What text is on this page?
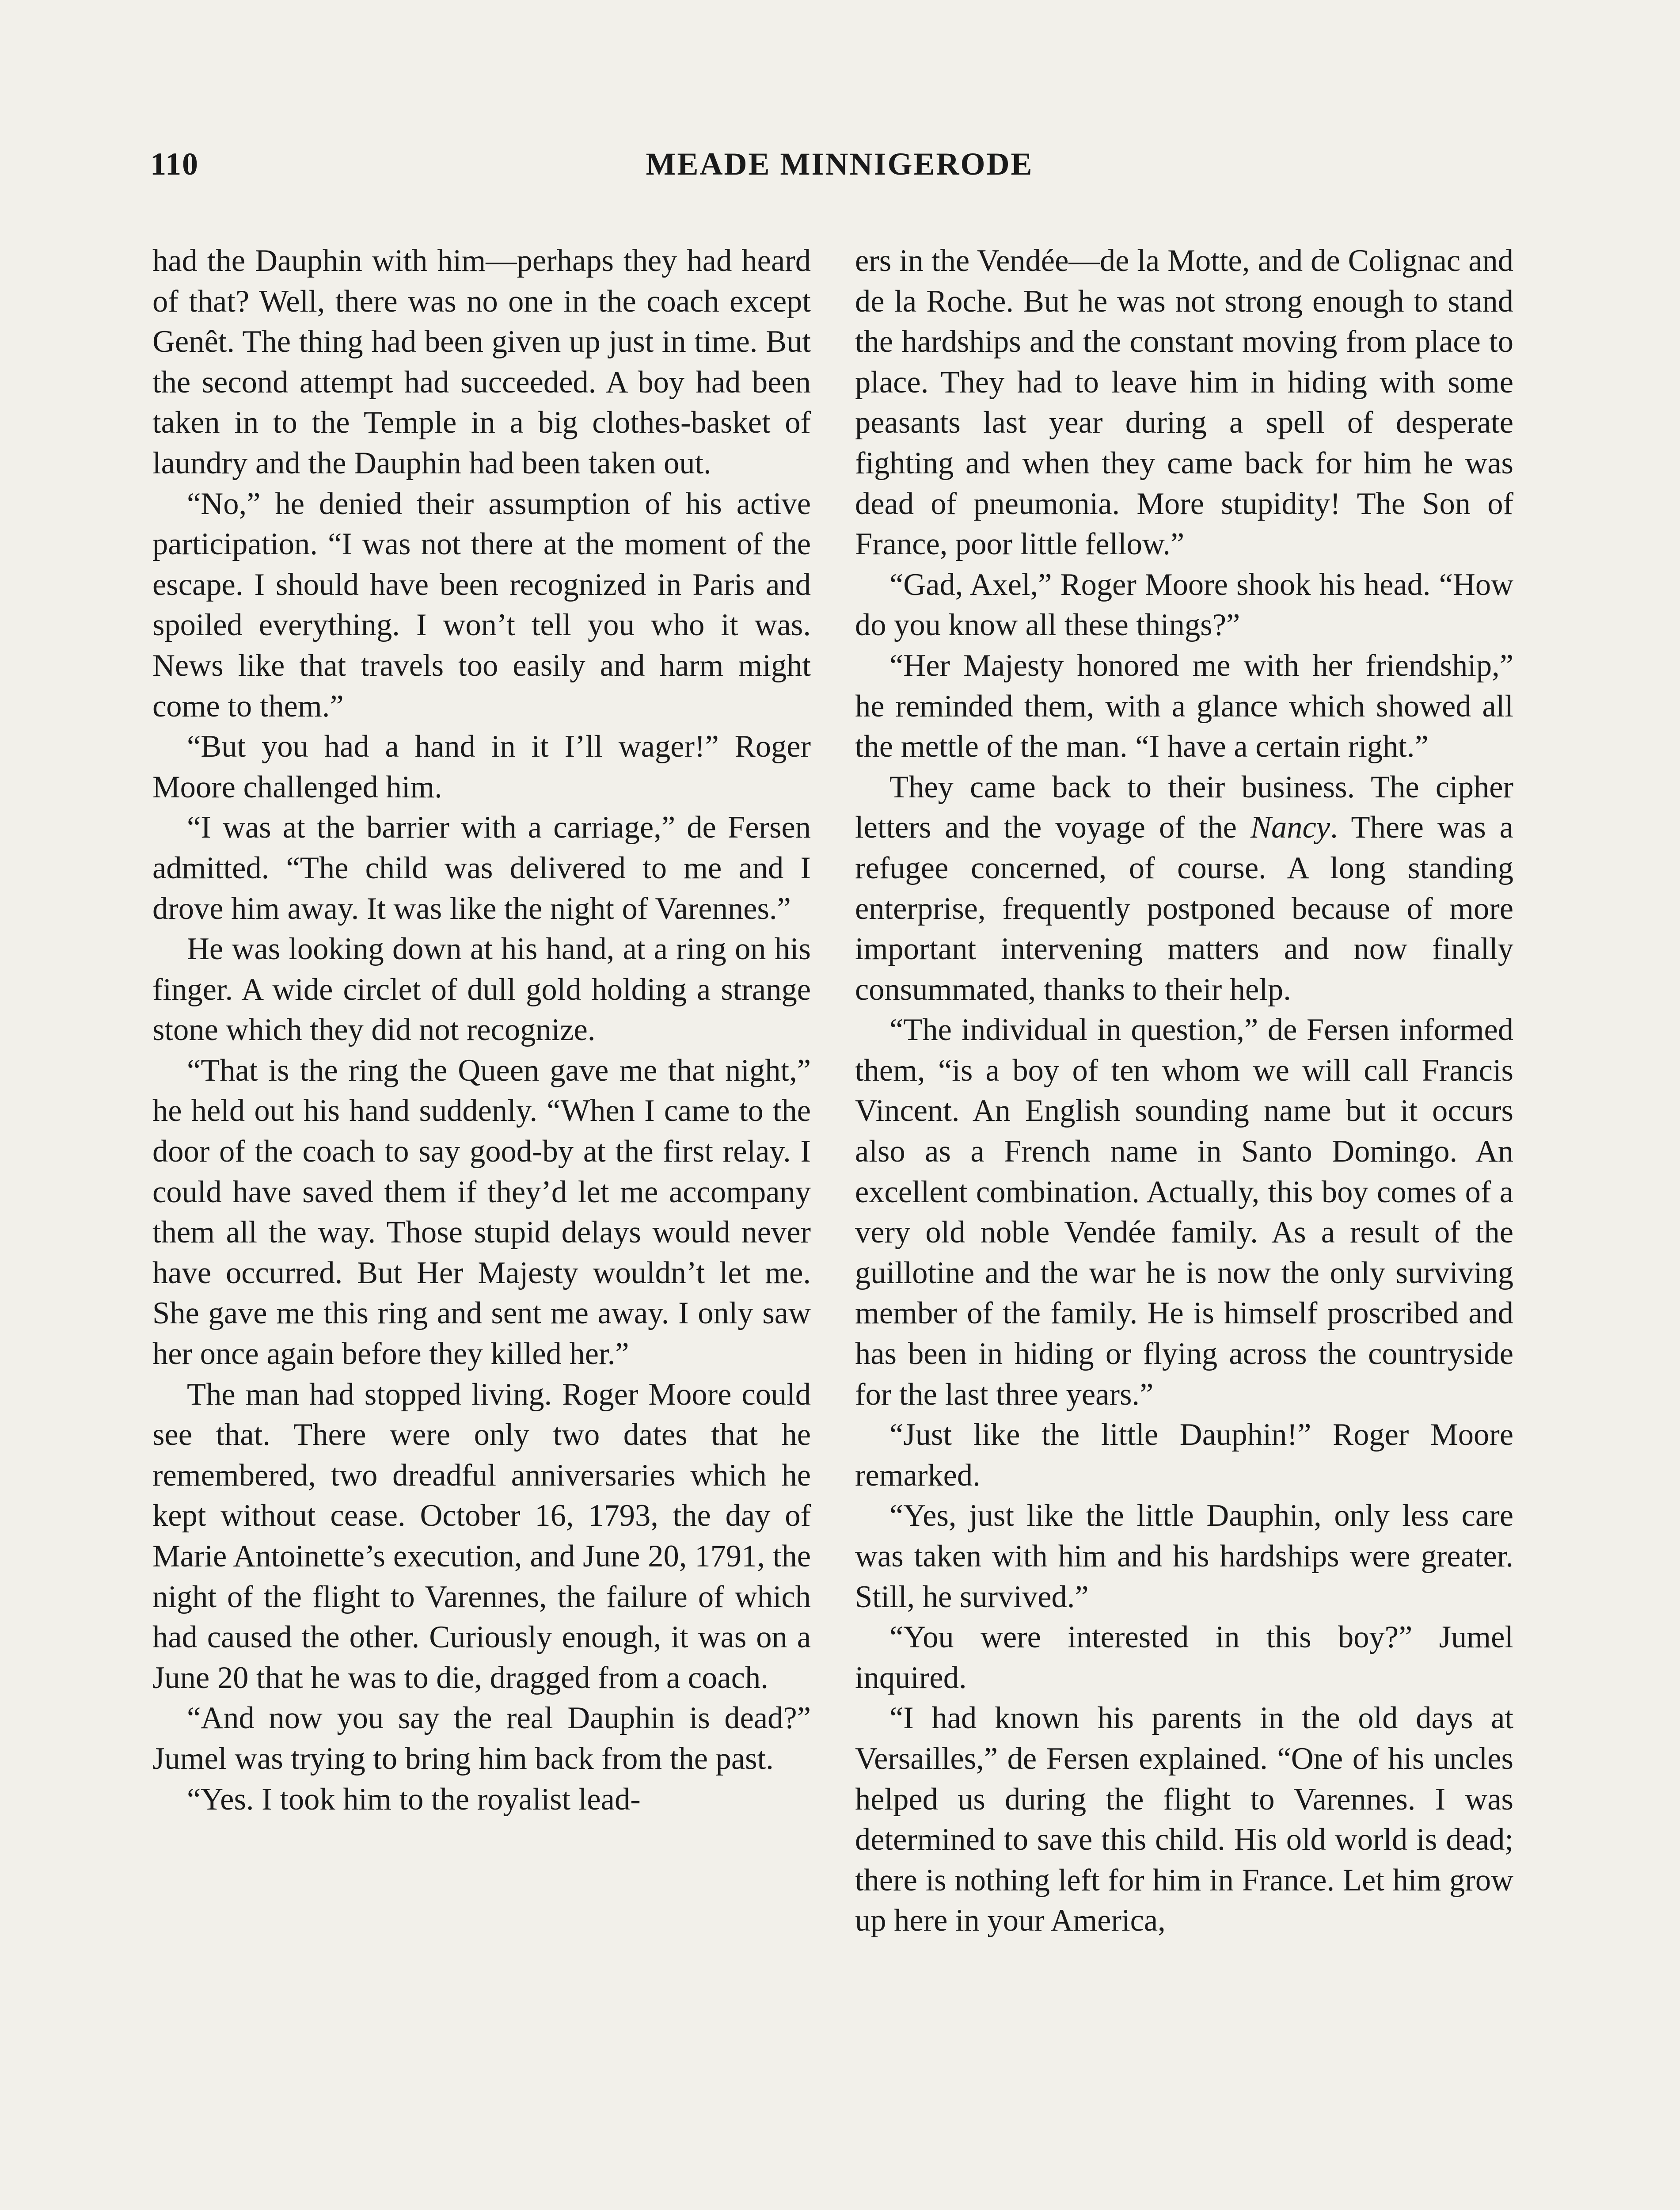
110	MEADE MINNIGERODE

had the Dauphin with him—perhaps they had heard of that? Well, there was no one in the coach except Genêt. The thing had been given up just in time. But the second attempt had succeeded. A boy had been taken in to the Temple in a big clothes-basket of laundry and the Dauphin had been taken out.

“No,” he denied their assumption of his active participation. “I was not there at the moment of the escape. I should have been recognized in Paris and spoiled everything. I won’t tell you who it was. News like that travels too easily and harm might come to them.”

“But you had a hand in it I’ll wager!” Roger Moore challenged him.

“I was at the barrier with a carriage,” de Fersen admitted. “The child was delivered to me and I drove him away. It was like the night of Varennes.”

He was looking down at his hand, at a ring on his finger. A wide circlet of dull gold holding a strange stone which they did not recognize.

“That is the ring the Queen gave me that night,” he held out his hand suddenly. “When I came to the door of the coach to say good-by at the first relay. I could have saved them if they’d let me accompany them all the way. Those stupid delays would never have occurred. But Her Majesty wouldn’t let me. She gave me this ring and sent me away. I only saw her once again before they killed her.”

The man had stopped living. Roger Moore could see that. There were only two dates that he remembered, two dreadful anniversaries which he kept without cease. October 16, 1793, the day of Marie Antoinette’s execution, and June 20, 1791, the night of the flight to Varennes, the failure of which had caused the other. Curiously enough, it was on a June 20 that he was to die, dragged from a coach.

“And now you say the real Dauphin is dead?” Jumel was trying to bring him back from the past.

“Yes. I took him to the royalist lead-

ers in the Vendée—de la Motte, and de Colignac and de la Roche. But he was not strong enough to stand the hardships and the constant moving from place to place. They had to leave him in hiding with some peasants last year during a spell of desperate fighting and when they came back for him he was dead of pneumonia. More stupidity! The Son of France, poor little fellow.”

“Gad, Axel,” Roger Moore shook his head. “How do you know all these things?”

“Her Majesty honored me with her friendship,” he reminded them, with a glance which showed all the mettle of the man. “I have a certain right.”

They came back to their business. The cipher letters and the voyage of the Nancy. There was a refugee concerned, of course. A long standing enterprise, frequently postponed because of more important intervening matters and now finally consummated, thanks to their help.

“The individual in question,” de Fersen informed them, “is a boy of ten whom we will call Francis Vincent. An English sounding name but it occurs also as a French name in Santo Domingo. An excellent combination. Actually, this boy comes of a very old noble Vendée family. As a result of the guillotine and the war he is now the only surviving member of the family. He is himself proscribed and has been in hiding or flying across the countryside for the last three years.”

“Just like the little Dauphin!” Roger Moore remarked.

“Yes, just like the little Dauphin, only less care was taken with him and his hardships were greater. Still, he survived.”

“You were interested in this boy?” Jumel inquired.

“I had known his parents in the old days at Versailles,” de Fersen explained. “One of his uncles helped us during the flight to Varennes. I was determined to save this child. His old world is dead; there is nothing left for him in France. Let him grow up here in your America,
